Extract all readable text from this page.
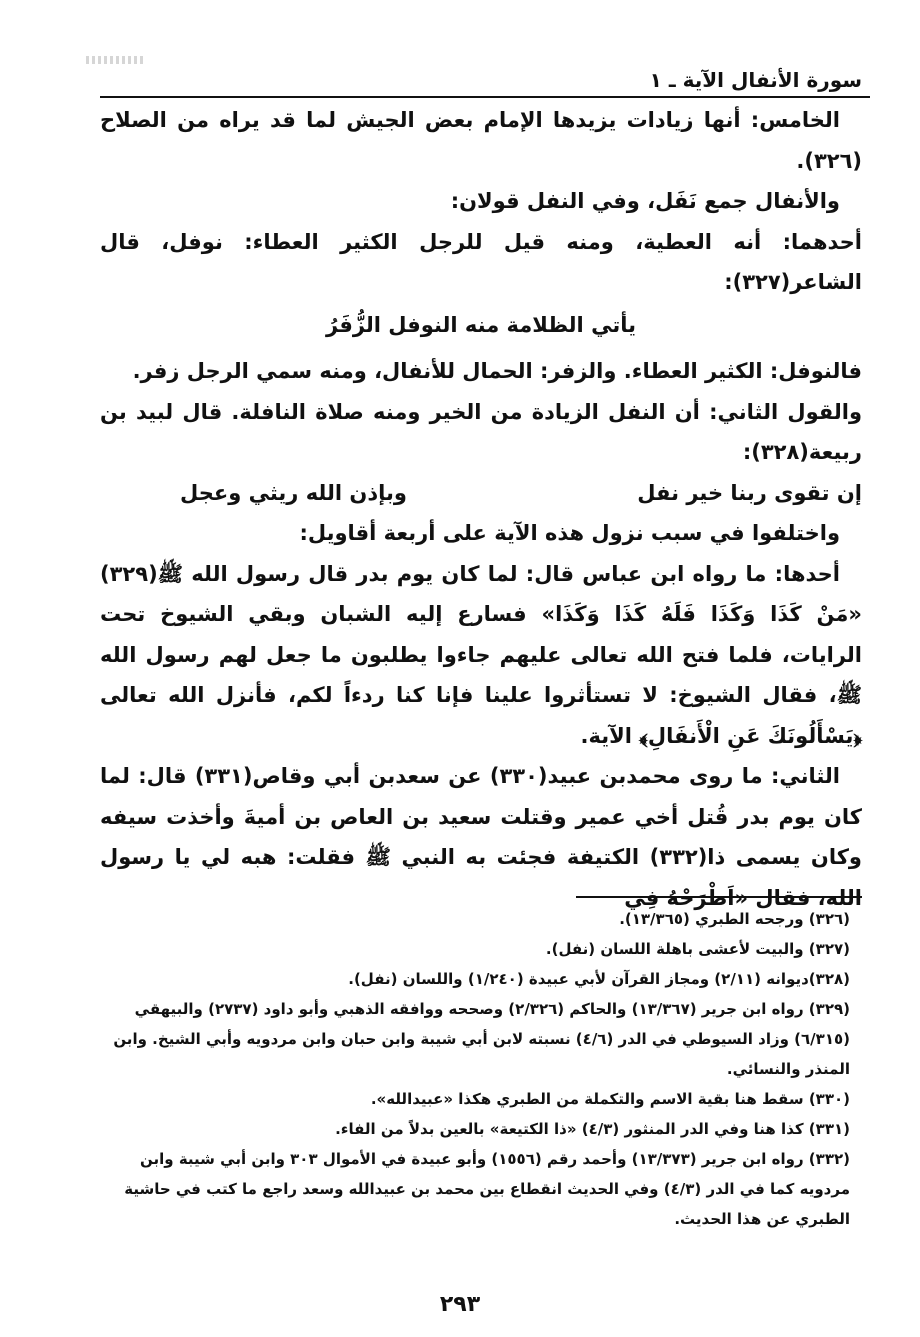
سورة الأنفال الآية ـ ١

الخامس: أنها زيادات يزيدها الإمام بعض الجيش لما قد يراه من الصلاح (٣٢٦).

والأنفال جمع نَفَل، وفي النفل قولان:

أحدهما: أنه العطية، ومنه قيل للرجل الكثير العطاء: نوفل، قال الشاعر(٣٢٧):

يأتي الظلامة منه النوفل الزُّفَرُ

فالنوفل: الكثير العطاء. والزفر: الحمال للأنفال، ومنه سمي الرجل زفر.

والقول الثاني: أن النفل الزيادة من الخير ومنه صلاة النافلة. قال لبيد بن ربيعة(٣٢٨):

إن تقوى ربنا خير نفل
وبإذن الله ريثي وعجل

واختلفوا في سبب نزول هذه الآية على أربعة أقاويل:

أحدها: ما رواه ابن عباس قال: لما كان يوم بدر قال رسول الله ﷺ(٣٢٩) «مَنْ كَذَا وَكَذَا فَلَهُ كَذَا وَكَذَا» فسارع إليه الشبان وبقي الشيوخ تحت الرايات، فلما فتح الله تعالى عليهم جاءوا يطلبون ما جعل لهم رسول الله ﷺ، فقال الشيوخ: لا تستأثروا علينا فإنا كنا ردءاً لكم، فأنزل الله تعالى ﴿يَسْأَلُونَكَ عَنِ الْأَنفَالِ﴾ الآية.

الثاني: ما روى محمدبن عبيد(٣٣٠) عن سعدبن أبي وقاص(٣٣١) قال: لما كان يوم بدر قُتل أخي عمير وقتلت سعيد بن العاص بن أميةَ وأخذت سيفه وكان يسمى ذا(٣٣٢) الكتيفة فجئت به النبي ﷺ فقلت: هبه لي يا رسول الله، فقال «اَطْرَحْهُ فِي

(٣٢٦) ورجحه الطبري (١٣/٣٦٥).

(٣٢٧) والبيت لأعشى باهلة اللسان (نفل).

(٣٢٨)ديوانه (٢/١١) ومجاز القرآن لأبي عبيدة (١/٢٤٠) واللسان (نفل).

(٣٢٩) رواه ابن جرير (١٣/٣٦٧) والحاكم (٢/٣٢٦) وصححه ووافقه الذهبي وأبو داود (٢٧٣٧) والبيهقي (٦/٣١٥) وزاد السيوطي في الدر (٤/٦) نسبته لابن أبي شيبة وابن حبان وابن مردويه وأبي الشيخ. وابن المنذر والنسائي.

(٣٣٠) سقط هنا بقية الاسم والتكملة من الطبري هكذا «عبيدالله».

(٣٣١) كذا هنا وفي الدر المنثور (٤/٣) «ذا الكتيعة» بالعين بدلاً من الفاء.

(٣٣٢) رواه ابن جرير (١٣/٣٧٣) وأحمد رقم (١٥٥٦) وأبو عبيدة في الأموال ٣٠٣ وابن أبي شيبة وابن مردويه كما في الدر (٤/٣) وفي الحديث انقطاع بين محمد بن عبيدالله وسعد راجع ما كتب في حاشية الطبري عن هذا الحديث.

٢٩٣
